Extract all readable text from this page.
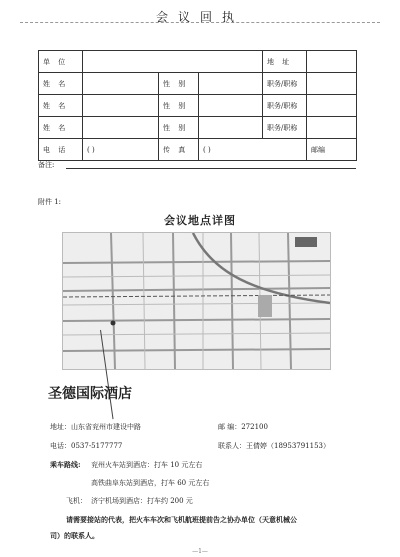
会议回执
单 位				地 址	
姓 名		性 别		职务/职称	
姓 名		性 别		职务/职称	
姓 名		性 别		职务/职称	
电 话	( )	传 真	( )		邮编
备注:
附件 1:
会议地点详图
圣德国际酒店
地址：山东省兖州市建设中路	邮 编：272100
电话：0537-5177777	联系人：王倩婷（18953791153）
乘车路线: 兖州火车站到酒店：打车 10 元左右
高铁曲阜东站到酒店，打车 60 元左右
飞机： 济宁机场到酒店：打车约 200 元
请需要接站的代表，把火车车次和飞机航班提前告之协办单位（天意机械公
司）的联系人。
—1—
